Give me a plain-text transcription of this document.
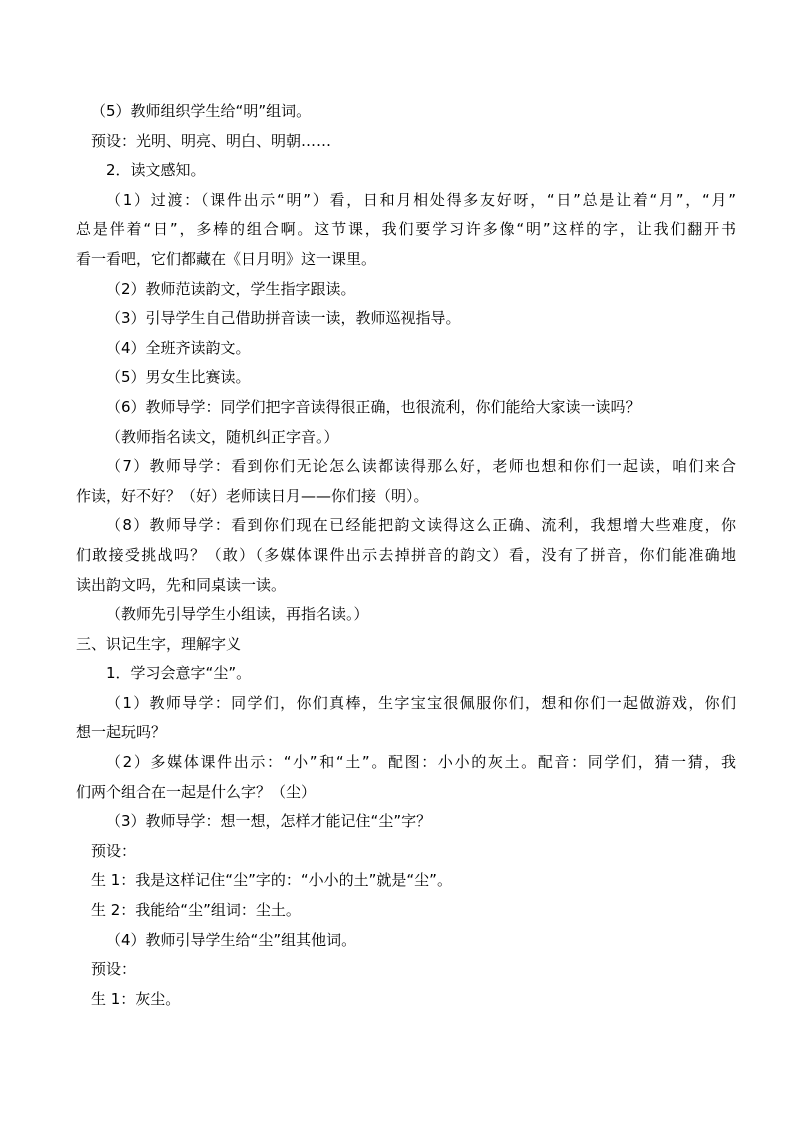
（5）教师组织学生给“明”组词。
预设：光明、明亮、明白、明朝……
2．读文感知。
（1）过渡：（课件出示“明”）看，日和月相处得多友好呀，“日”总是让着“月”，“月”
总是伴着“日”，多棒的组合啊。这节课，我们要学习许多像“明”这样的字，让我们翻开书
看一看吧，它们都藏在《日月明》这一课里。
（2）教师范读韵文，学生指字跟读。
（3）引导学生自己借助拼音读一读，教师巡视指导。
（4）全班齐读韵文。
（5）男女生比赛读。
（6）教师导学：同学们把字音读得很正确，也很流利，你们能给大家读一读吗？
（教师指名读文，随机纠正字音。）
（7）教师导学：看到你们无论怎么读都读得那么好，老师也想和你们一起读，咱们来合
作读，好不好？（好）老师读日月——你们接（明）。
（8）教师导学：看到你们现在已经能把韵文读得这么正确、流利，我想增大些难度，你
们敢接受挑战吗？（敢）（多媒体课件出示去掉拼音的韵文）看，没有了拼音，你们能准确地
读出韵文吗，先和同桌读一读。
（教师先引导学生小组读，再指名读。）
三、识记生字，理解字义
1．学习会意字“尘”。
（1）教师导学：同学们，你们真棒，生字宝宝很佩服你们，想和你们一起做游戏，你们
想一起玩吗？
（2）多媒体课件出示：“小”和“土”。配图：小小的灰土。配音：同学们，猜一猜，我
们两个组合在一起是什么字？（尘）
（3）教师导学：想一想，怎样才能记住“尘”字？
预设：
生 1：我是这样记住“尘”字的：“小小的土”就是“尘”。
生 2：我能给“尘”组词：尘土。
（4）教师引导学生给“尘”组其他词。
预设：
生 1：灰尘。
